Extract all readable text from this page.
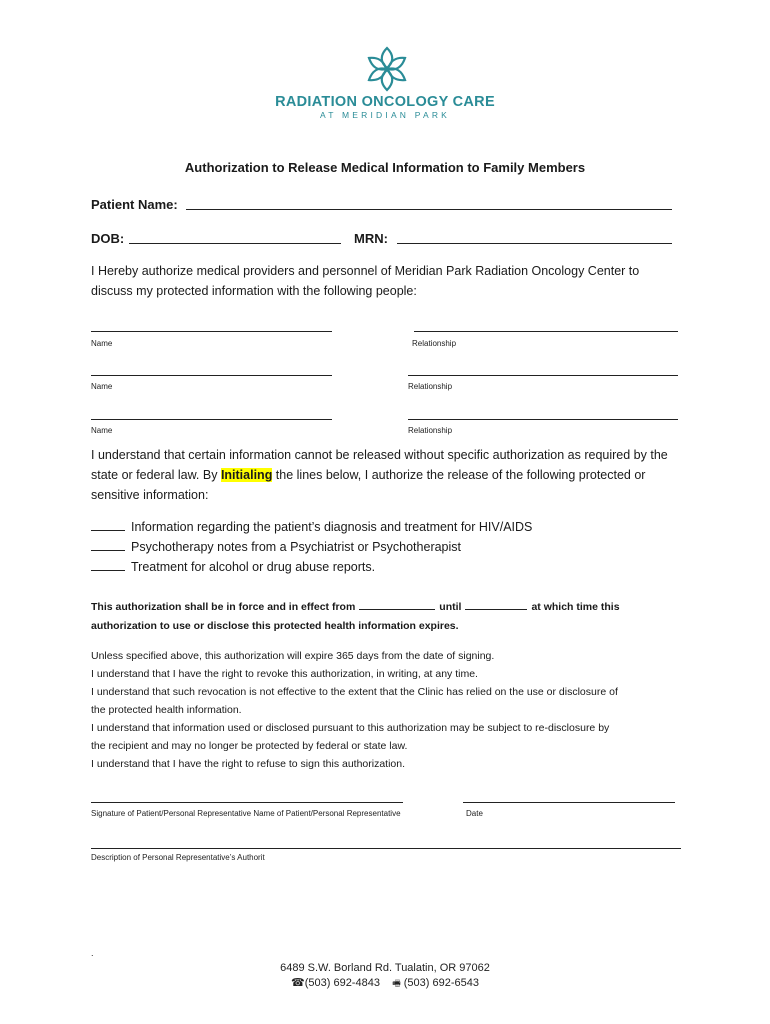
RADIATION ONCOLOGY CARE
AT MERIDIAN PARK
Authorization to Release Medical Information to Family Members
Patient Name:
DOB:	MRN:
I Hereby authorize medical providers and personnel of Meridian Park Radiation Oncology Center to discuss my protected information with the following people:
Name	Relationship
Name	Relationship
Name	Relationship
I understand that certain information cannot be released without specific authorization as required by the state or federal law. By Initialing the lines below, I authorize the release of the following protected or sensitive information:
Information regarding the patient’s diagnosis and treatment for HIV/AIDS
Psychotherapy notes from a Psychiatrist or Psychotherapist
Treatment for alcohol or drug abuse reports.
This authorization shall be in force and in effect from	until	at which time this
authorization to use or disclose this protected health information expires.
Unless specified above, this authorization will expire 365 days from the date of signing.
I understand that I have the right to revoke this authorization, in writing, at any time.
I understand that such revocation is not effective to the extent that the Clinic has relied on the use or disclosure of
the protected health information.
I understand that information used or disclosed pursuant to this authorization may be subject to re-disclosure by
the recipient and may no longer be protected by federal or state law.
I understand that I have the right to refuse to sign this authorization.
Signature of Patient/Personal Representative Name of Patient/Personal Representative	Date
Description of Personal Representative’s Authorit
.
6489 S.W. Borland Rd. Tualatin, OR 97062
☎(503) 692-4843 🖷 (503) 692-6543
